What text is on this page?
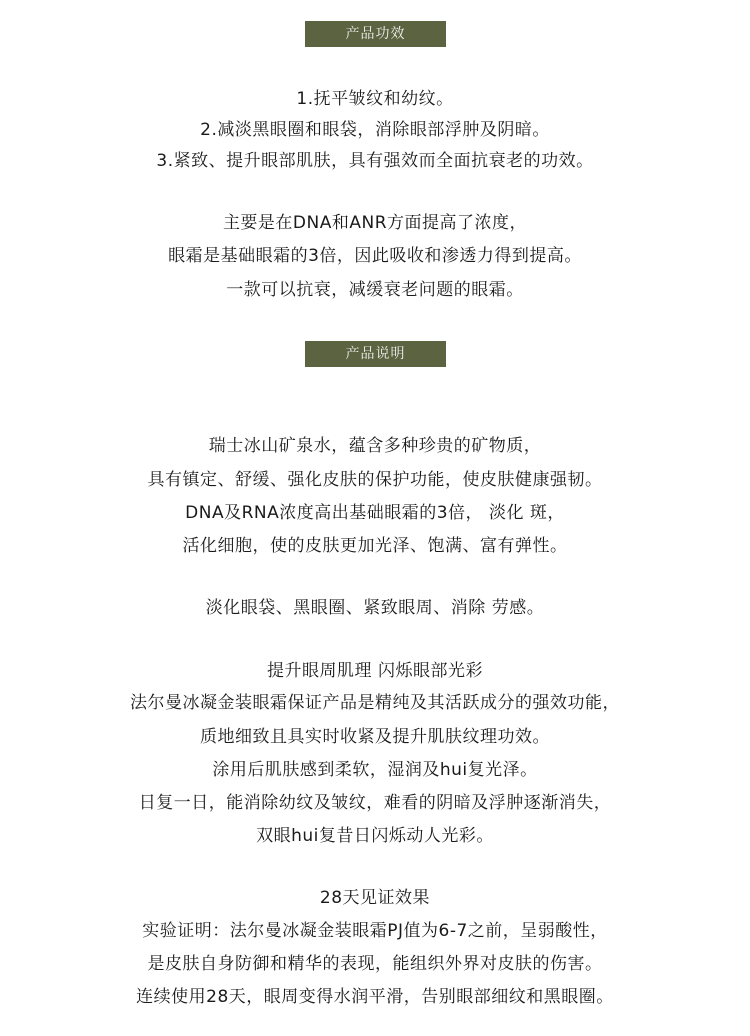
产品功效
1.抚平皱纹和幼纹。
2.减淡黑眼圈和眼袋，消除眼部浮肿及阴暗。
3.紧致、提升眼部肌肤，具有强效而全面抗衰老的功效。
主要是在DNA和ANR方面提高了浓度，
眼霜是基础眼霜的3倍，因此吸收和渗透力得到提高。
一款可以抗衰，减缓衰老问题的眼霜。
产品说明
瑞士冰山矿泉水，蕴含多种珍贵的矿物质，
具有镇定、舒缓、强化皮肤的保护功能，使皮肤健康强韧。
DNA及RNA浓度高出基础眼霜的3倍， 淡化 斑，
活化细胞，使的皮肤更加光泽、饱满、富有弹性。
淡化眼袋、黑眼圈、紧致眼周、消除 劳感。
提升眼周肌理 闪烁眼部光彩
法尔曼冰凝金装眼霜保证产品是精纯及其活跃成分的强效功能，
质地细致且具实时收紧及提升肌肤纹理功效。
涂用后肌肤感到柔软，湿润及hui复光泽。
日复一日，能消除幼纹及皱纹，难看的阴暗及浮肿逐渐消失，
双眼hui复昔日闪烁动人光彩。
28天见证效果
实验证明：法尔曼冰凝金装眼霜PJ值为6-7之前，呈弱酸性，
是皮肤自身防御和精华的表现，能组织外界对皮肤的伤害。
连续使用28天，眼周变得水润平滑，告别眼部细纹和黑眼圈。
